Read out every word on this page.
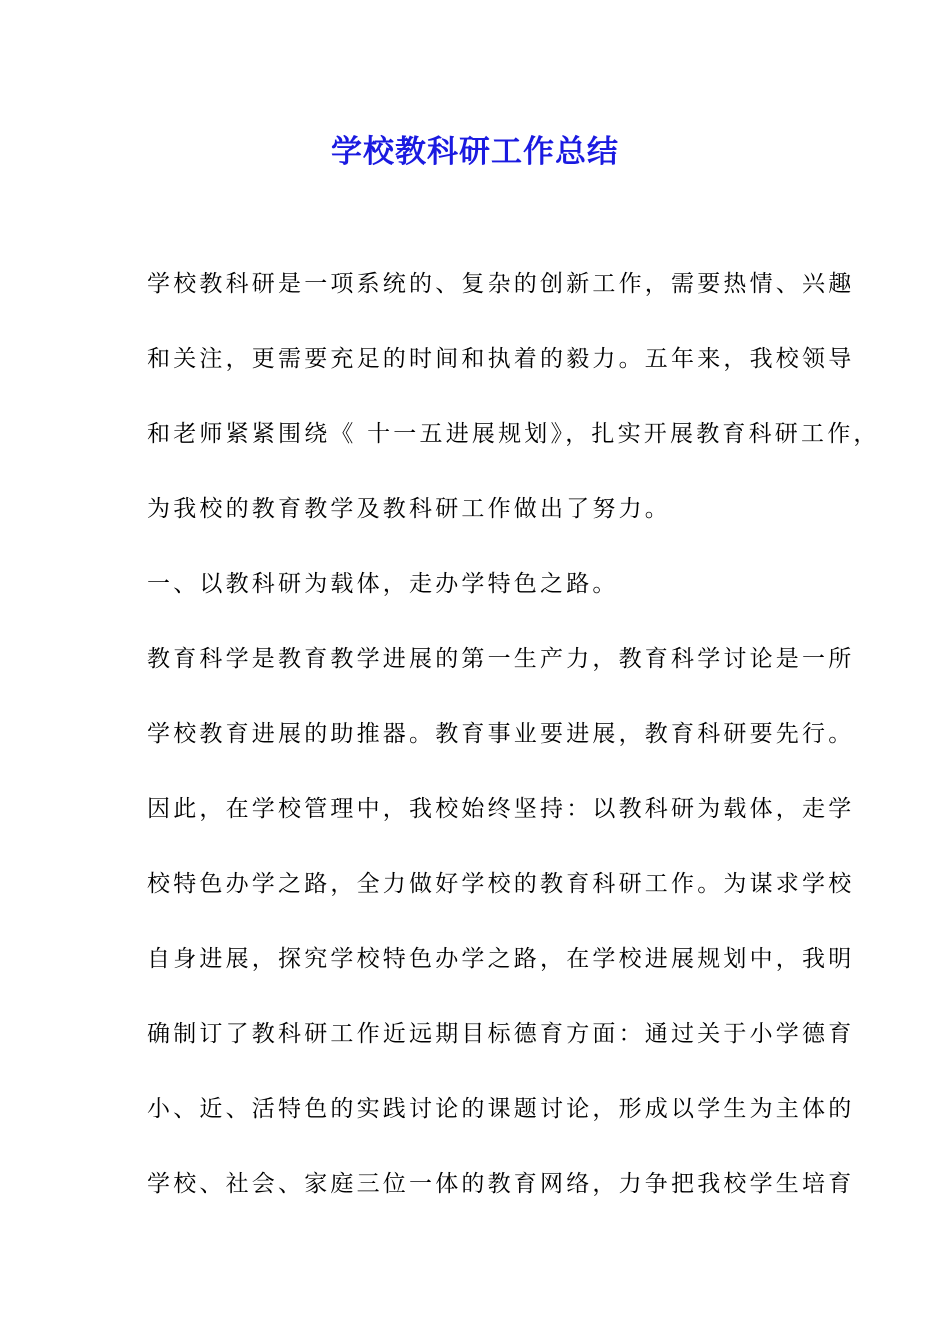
学校教科研工作总结
学校教科研是一项系统的、复杂的创新工作，需要热情、兴趣
和关注，更需要充足的时间和执着的毅力。五年来，我校领导
和老师紧紧围绕《 十一五进展规划》，扎实开展教育科研工作，
为我校的教育教学及教科研工作做出了努力。
一、以教科研为载体，走办学特色之路。
教育科学是教育教学进展的第一生产力，教育科学讨论是一所
学校教育进展的助推器。教育事业要进展，教育科研要先行。
因此，在学校管理中，我校始终坚持：以教科研为载体，走学
校特色办学之路，全力做好学校的教育科研工作。为谋求学校
自身进展，探究学校特色办学之路，在学校进展规划中，我明
确制订了教科研工作近远期目标德育方面：通过关于小学德育
小、近、活特色的实践讨论的课题讨论，形成以学生为主体的
学校、社会、家庭三位一体的教育网络，力争把我校学生培育
